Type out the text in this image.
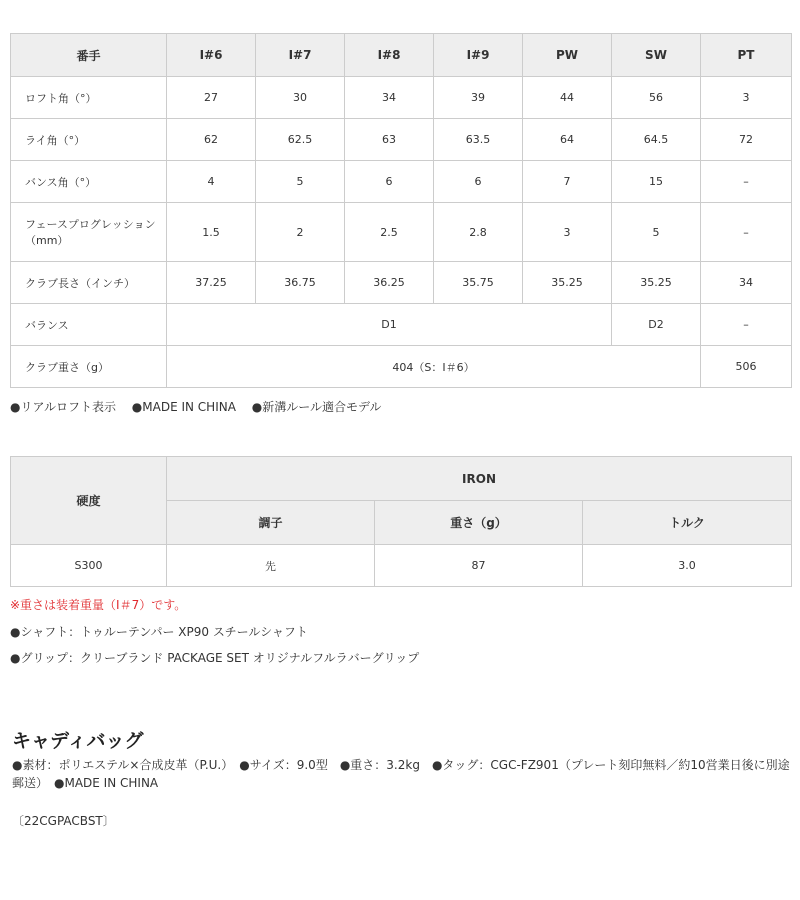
番手	I#6	I#7	I#8	I#9	PW	SW	PT
ロフト角（°）	27	30	34	39	44	56	3
ライ角（°）	62	62.5	63	63.5	64	64.5	72
バンス角（°）	4	5	6	6	7	15	–
フェースプログレッション（mm）	1.5	2	2.5	2.8	3	5	–
クラブ長さ（インチ）	37.25	36.75	36.25	35.75	35.25	35.25	34
バランス	D1					D2	–
クラブ重さ（g）	404（S：I＃6）						506
●リアルロフト表示　 ●MADE IN CHINA　 ●新溝ルール適合モデル
硬度	IRON		
	調子	重さ（g）	トルク
S300	先	87	3.0
※重さは装着重量（I＃7）です。
●シャフト：トゥルーテンパー XP90 スチールシャフト
●グリップ：クリーブランド PACKAGE SET オリジナルフルラバーグリップ
キャディバッグ
●素材：ポリエステル×合成皮革（P.U.）　●サイズ：9.0型　●重さ：3.2kg　●タッグ：CGC-FZ901（プレート刻印無料／約10営業日後に別途郵送）　●MADE IN CHINA
〔22CGPACBST〕
